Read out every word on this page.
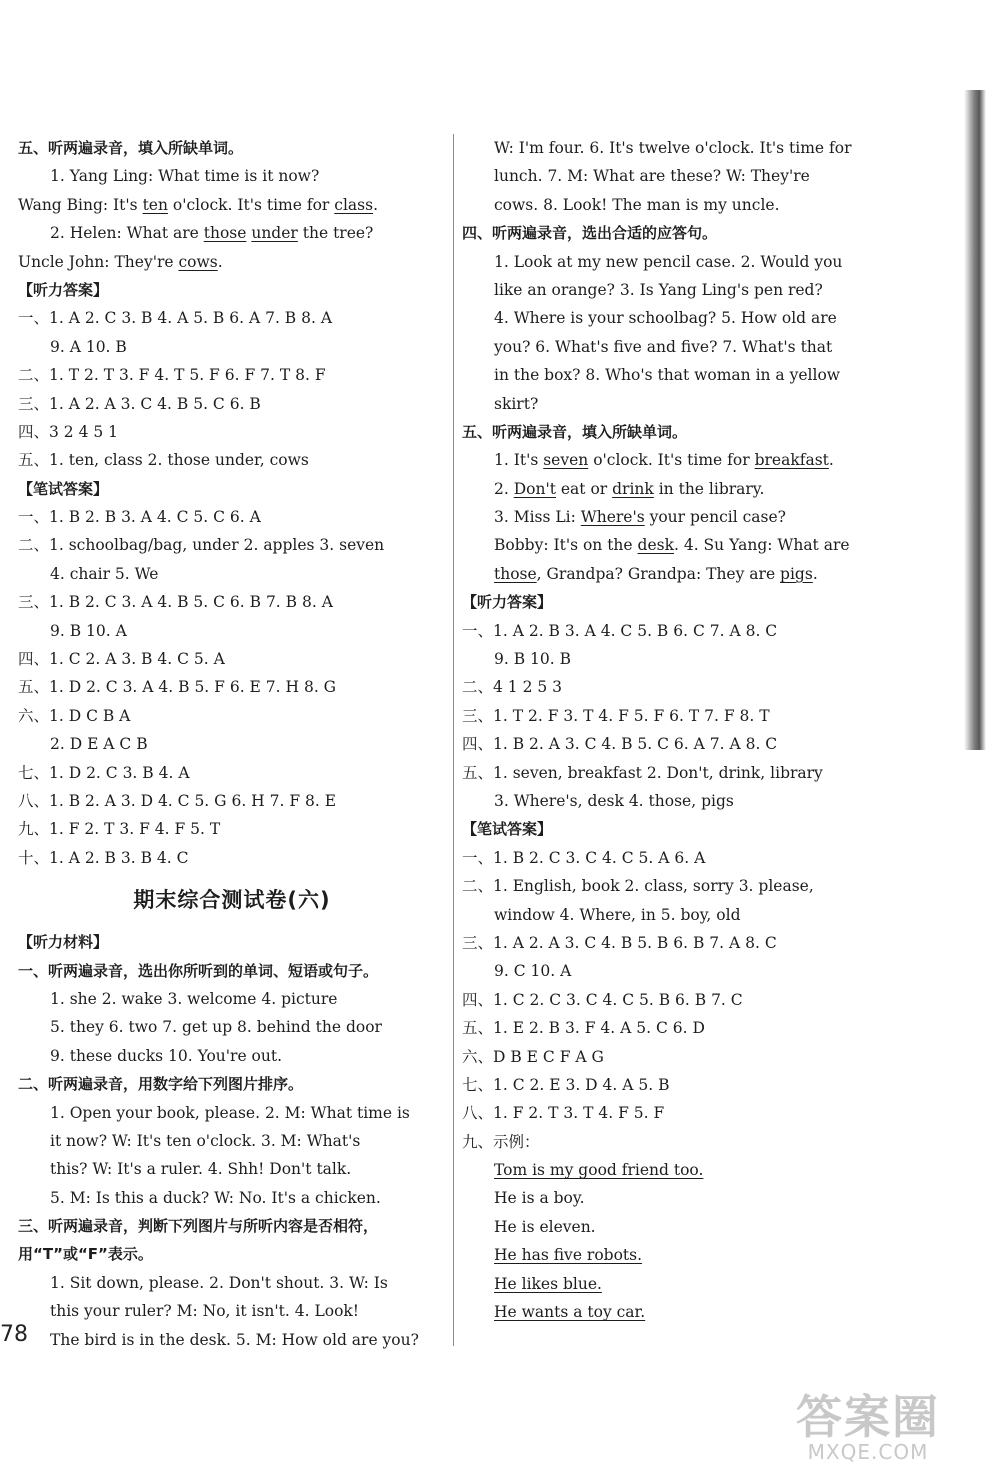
五、听两遍录音，填入所缺单词。
1. Yang Ling: What time is it now?
Wang Bing: It's ten o'clock. It's time for class.
2. Helen: What are those under the tree?
Uncle John: They're cows.
【听力答案】
一、1. A 2. C 3. B 4. A 5. B 6. A 7. B 8. A
9. A 10. B
二、1. T 2. T 3. F 4. T 5. F 6. F 7. T 8. F
三、1. A 2. A 3. C 4. B 5. C 6. B
四、3 2 4 5 1
五、1. ten, class 2. those under, cows
【笔试答案】
一、1. B 2. B 3. A 4. C 5. C 6. A
二、1. schoolbag/bag, under 2. apples 3. seven
4. chair 5. We
三、1. B 2. C 3. A 4. B 5. C 6. B 7. B 8. A
9. B 10. A
四、1. C 2. A 3. B 4. C 5. A
五、1. D 2. C 3. A 4. B 5. F 6. E 7. H 8. G
六、1. D C B A
2. D E A C B
七、1. D 2. C 3. B 4. A
八、1. B 2. A 3. D 4. C 5. G 6. H 7. F 8. E
九、1. F 2. T 3. F 4. F 5. T
十、1. A 2. B 3. B 4. C
期末综合测试卷(六)
【听力材料】
一、听两遍录音，选出你所听到的单词、短语或句子。
1. she 2. wake 3. welcome 4. picture
5. they 6. two 7. get up 8. behind the door
9. these ducks 10. You're out.
二、听两遍录音，用数字给下列图片排序。
1. Open your book, please. 2. M: What time is
it now? W: It's ten o'clock. 3. M: What's
this? W: It's a ruler. 4. Shh! Don't talk.
5. M: Is this a duck? W: No. It's a chicken.
三、听两遍录音，判断下列图片与所听内容是否相符，
用“T”或“F”表示。
1. Sit down, please. 2. Don't shout. 3. W: Is
this your ruler? M: No, it isn't. 4. Look!
The bird is in the desk. 5. M: How old are you?
W: I'm four. 6. It's twelve o'clock. It's time for
lunch. 7. M: What are these? W: They're
cows. 8. Look! The man is my uncle.
四、听两遍录音，选出合适的应答句。
1. Look at my new pencil case. 2. Would you
like an orange? 3. Is Yang Ling's pen red?
4. Where is your schoolbag? 5. How old are
you? 6. What's five and five? 7. What's that
in the box? 8. Who's that woman in a yellow
skirt?
五、听两遍录音，填入所缺单词。
1. It's seven o'clock. It's time for breakfast.
2. Don't eat or drink in the library.
3. Miss Li: Where's your pencil case?
Bobby: It's on the desk. 4. Su Yang: What are
those, Grandpa? Grandpa: They are pigs.
【听力答案】
一、1. A 2. B 3. A 4. C 5. B 6. C 7. A 8. C
9. B 10. B
二、4 1 2 5 3
三、1. T 2. F 3. T 4. F 5. F 6. T 7. F 8. T
四、1. B 2. A 3. C 4. B 5. C 6. A 7. A 8. C
五、1. seven, breakfast 2. Don't, drink, library
3. Where's, desk 4. those, pigs
【笔试答案】
一、1. B 2. C 3. C 4. C 5. A 6. A
二、1. English, book 2. class, sorry 3. please,
window 4. Where, in 5. boy, old
三、1. A 2. A 3. C 4. B 5. B 6. B 7. A 8. C
9. C 10. A
四、1. C 2. C 3. C 4. C 5. B 6. B 7. C
五、1. E 2. B 3. F 4. A 5. C 6. D
六、D B E C F A G
七、1. C 2. E 3. D 4. A 5. B
八、1. F 2. T 3. T 4. F 5. F
九、示例：
Tom is my good friend too.
He is a boy.
He is eleven.
He has five robots.
He likes blue.
He wants a toy car.
78
答案圈
MXQE.COM
